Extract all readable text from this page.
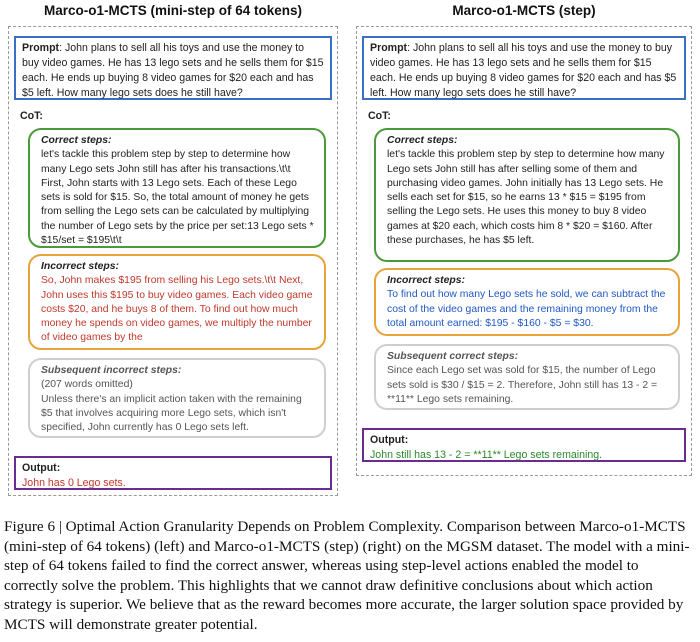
Marco-o1-MCTS (mini-step of 64 tokens)
Prompt: John plans to sell all his toys and use the money to buy video games. He has 13 lego sets and he sells them for $15 each. He ends up buying 8 video games for $20 each and has $5 left. How many lego sets does he still have?
CoT:
Correct steps:
let's tackle this problem step by step to determine how many Lego sets John still has after his transactions.\t\t First, John starts with 13 Lego sets. Each of these Lego sets is sold for $15. So, the total amount of money he gets from selling the Lego sets can be calculated by multiplying the number of Lego sets by the price per set:13 Lego sets * $15/set = $195\t\t
Incorrect steps:
So, John makes $195 from selling his Lego sets.\t\t Next, John uses this $195 to buy video games. Each video game costs $20, and he buys 8 of them. To find out how much money he spends on video games, we multiply the number of video games by the
Subsequent incorrect steps:
(207 words omitted)
Unless there's an implicit action taken with the remaining $5 that involves acquiring more Lego sets, which isn't specified, John currently has 0 Lego sets left.
Output:
John has 0 Lego sets.
Marco-o1-MCTS (step)
Prompt: John plans to sell all his toys and use the money to buy video games. He has 13 lego sets and he sells them for $15 each. He ends up buying 8 video games for $20 each and has $5 left. How many lego sets does he still have?
CoT:
Correct steps:
let's tackle this problem step by step to determine how many Lego sets John still has after selling some of them and purchasing video games. John initially has 13 Lego sets. He sells each set for $15, so he earns 13 * $15 = $195 from selling the Lego sets. He uses this money to buy 8 video games at $20 each, which costs him 8 * $20 = $160. After these purchases, he has $5 left.
Incorrect steps:
To find out how many Lego sets he sold, we can subtract the cost of the video games and the remaining money from the total amount earned: $195 - $160 - $5 = $30.
Subsequent correct steps:
Since each Lego set was sold for $15, the number of Lego sets sold is $30 / $15 = 2. Therefore, John still has 13 - 2 = **11** Lego sets remaining.
Output:
John still has 13 - 2 = **11** Lego sets remaining.
Figure 6 | Optimal Action Granularity Depends on Problem Complexity. Comparison between Marco-o1-MCTS (mini-step of 64 tokens) (left) and Marco-o1-MCTS (step) (right) on the MGSM dataset. The model with a mini-step of 64 tokens failed to find the correct answer, whereas using step-level actions enabled the model to correctly solve the problem. This highlights that we cannot draw definitive conclusions about which action strategy is superior. We believe that as the reward becomes more accurate, the larger solution space provided by MCTS will demonstrate greater potential.
